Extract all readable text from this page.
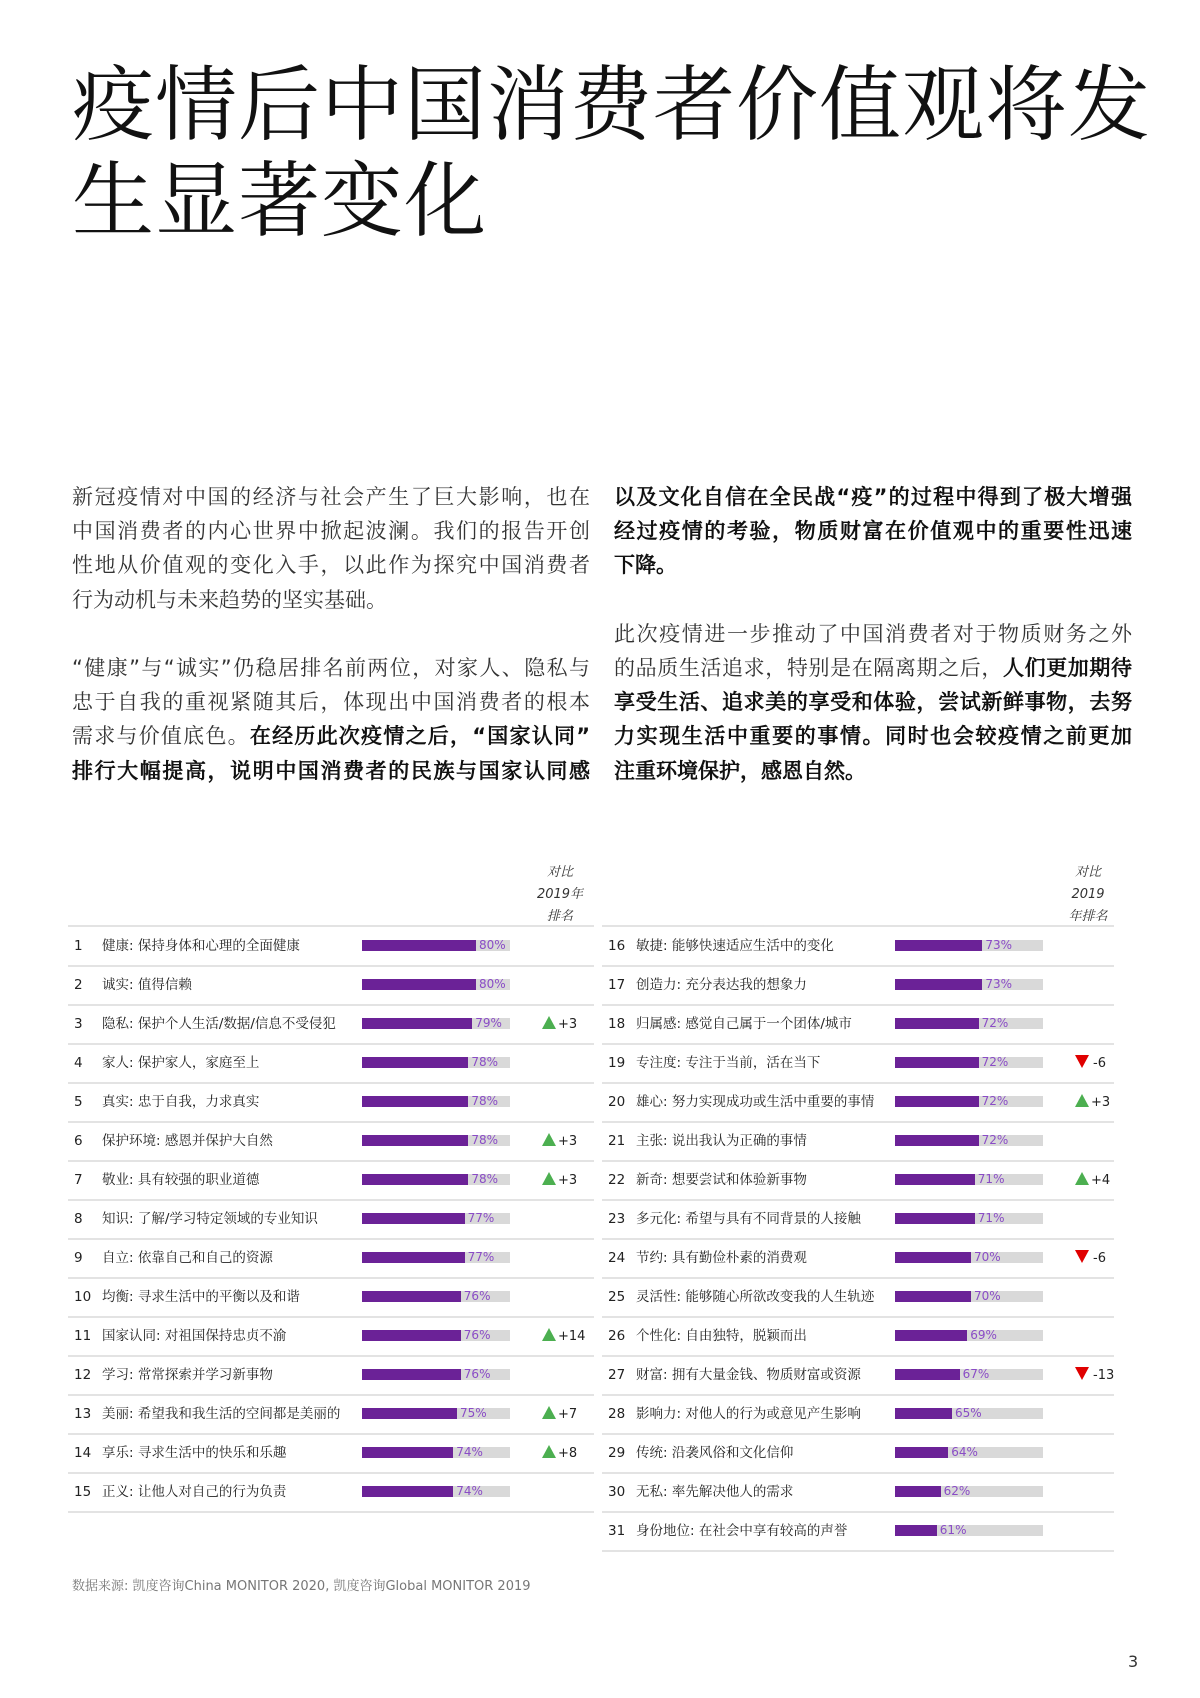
疫情后中国消费者价值观将发
生显著变化
新冠疫情对中国的经济与社会产生了巨大影响，也在
中国消费者的内心世界中掀起波澜。我们的报告开创
性地从价值观的变化入手，以此作为探究中国消费者
行为动机与未来趋势的坚实基础。
“健康”与“诚实”仍稳居排名前两位，对家人、隐私与
忠于自我的重视紧随其后，体现出中国消费者的根本
需求与价值底色。在经历此次疫情之后，“国家认同”
排行大幅提高，说明中国消费者的民族与国家认同感
以及文化自信在全民战“疫”的过程中得到了极大增强
经过疫情的考验，物质财富在价值观中的重要性迅速
下降。
此次疫情进一步推动了中国消费者对于物质财务之外
的品质生活追求，特别是在隔离期之后，人们更加期待
享受生活、追求美的享受和体验，尝试新鲜事物，去努
力实现生活中重要的事情。同时也会较疫情之前更加
注重环境保护，感恩自然。
对比
2019年
排名
对比2019年排名
1 健康: 保持身体和心理的全面健康	80%
2 诚实: 值得信赖	80%
3 隐私: 保护个人生活/数据/信息不受侵犯	79%	+3
4 家人: 保护家人，家庭至上	78%
5 真实: 忠于自我，力求真实	78%
6 保护环境: 感恩并保护大自然	78%	+3
7 敬业: 具有较强的职业道德	78%	+3
8 知识: 了解/学习特定领域的专业知识	77%
9 自立: 依靠自己和自己的资源	77%
10 均衡: 寻求生活中的平衡以及和谐	76%
11 国家认同: 对祖国保持忠贞不渝	76%	+14
12 学习: 常常探索并学习新事物	76%
13 美丽: 希望我和我生活的空间都是美丽的	75%	+7
14 享乐: 寻求生活中的快乐和乐趣	74%	+8
15 正义: 让他人对自己的行为负责	74%
16 敏捷: 能够快速适应生活中的变化	73%
17 创造力: 充分表达我的想象力	73%
18 归属感: 感觉自己属于一个团体/城市	72%
19 专注度: 专注于当前，活在当下	72%	-6
20 雄心: 努力实现成功或生活中重要的事情	72%	+3
21 主张: 说出我认为正确的事情	72%
22 新奇: 想要尝试和体验新事物	71%	+4
23 多元化: 希望与具有不同背景的人接触	71%
24 节约: 具有勤俭朴素的消费观	70%	-6
25 灵活性: 能够随心所欲改变我的人生轨迹	70%
26 个性化: 自由独特，脱颖而出	69%
27 财富: 拥有大量金钱、物质财富或资源	67%	-13
28 影响力: 对他人的行为或意见产生影响	65%
29 传统: 沿袭风俗和文化信仰	64%
30 无私: 率先解决他人的需求	62%
31 身份地位: 在社会中享有较高的声誉	61%
数据来源: 凯度咨询China MONITOR 2020, 凯度咨询Global MONITOR 2019
3
